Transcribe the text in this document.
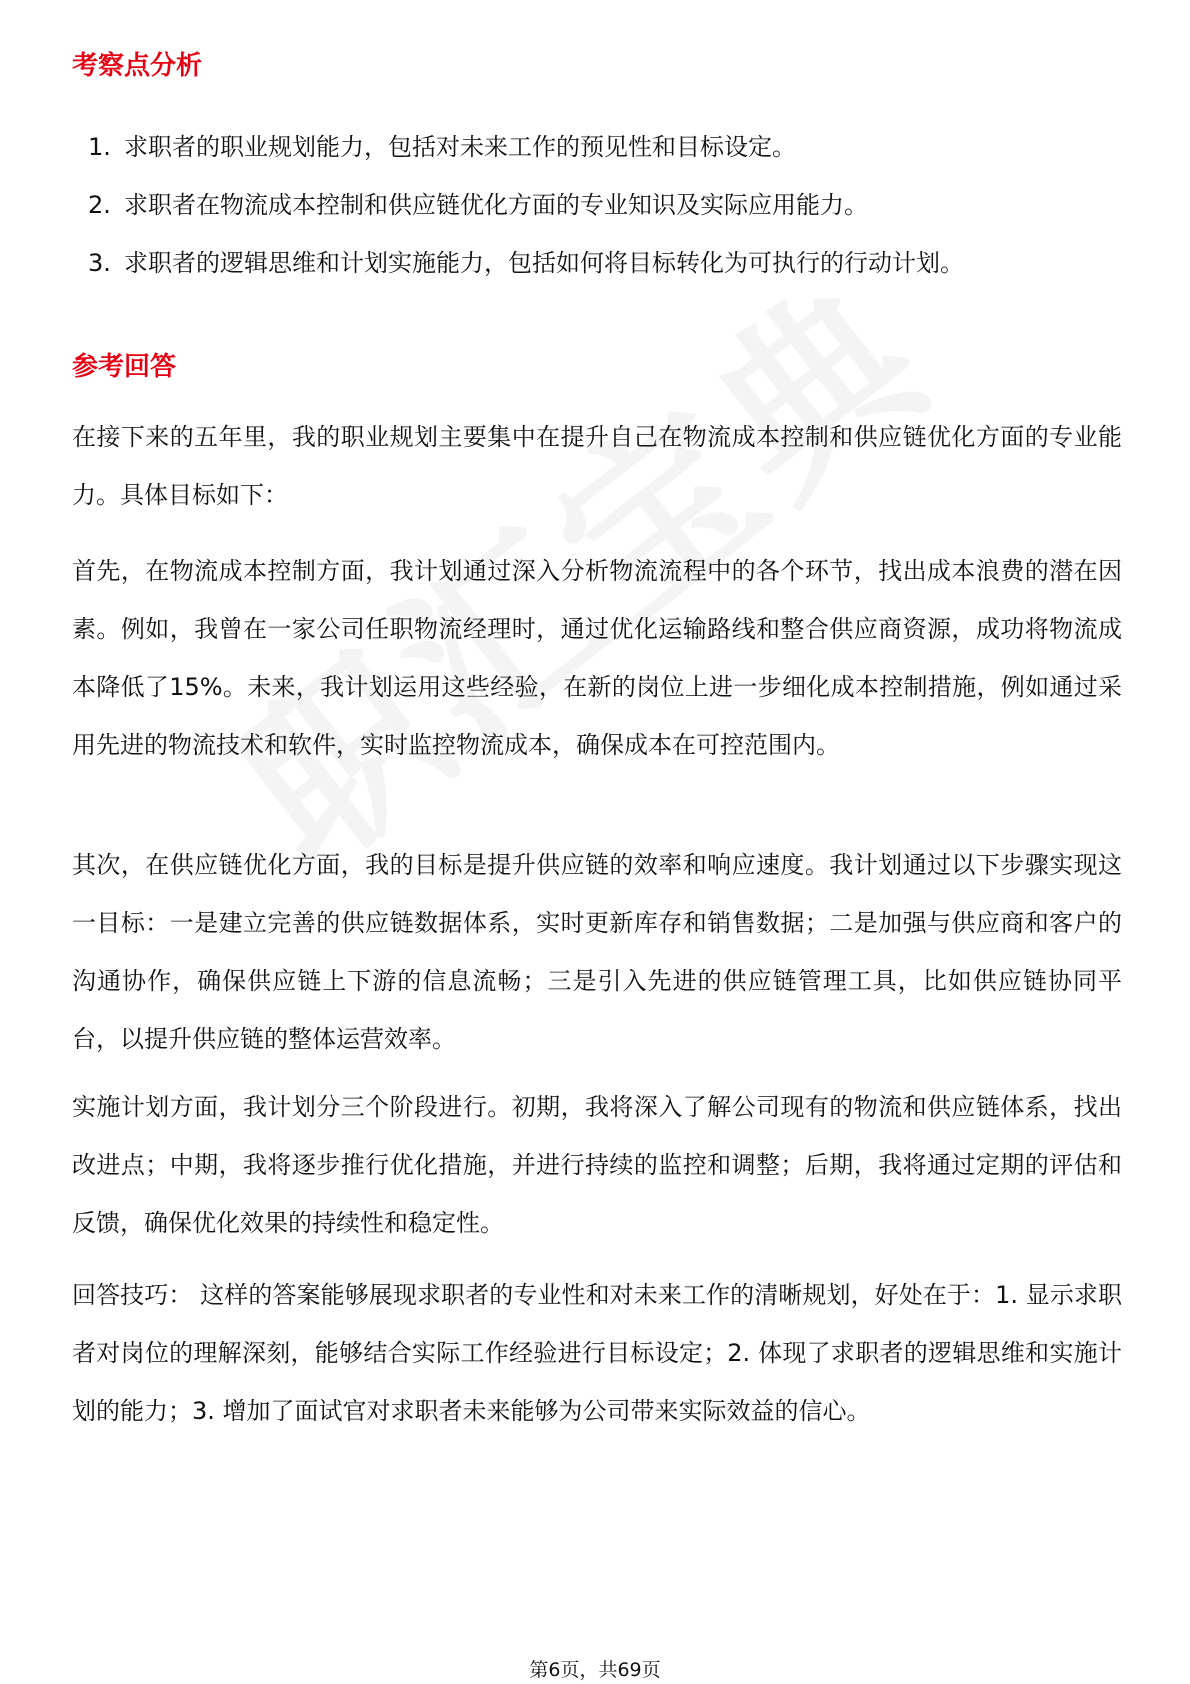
考察点分析
1. 求职者的职业规划能力，包括对未来工作的预见性和目标设定。
2. 求职者在物流成本控制和供应链优化方面的专业知识及实际应用能力。
3. 求职者的逻辑思维和计划实施能力，包括如何将目标转化为可执行的行动计划。
参考回答

在接下来的五年里，我的职业规划主要集中在提升自己在物流成本控制和供应链优化方面的专业能力。具体目标如下：

首先，在物流成本控制方面，我计划通过深入分析物流流程中的各个环节，找出成本浪费的潜在因素。例如，我曾在一家公司任职物流经理时，通过优化运输路线和整合供应商资源，成功将物流成本降低了15%。未来，我计划运用这些经验，在新的岗位上进一步细化成本控制措施，例如通过采用先进的物流技术和软件，实时监控物流成本，确保成本在可控范围内。

其次，在供应链优化方面，我的目标是提升供应链的效率和响应速度。我计划通过以下步骤实现这一目标：一是建立完善的供应链数据体系，实时更新库存和销售数据；二是加强与供应商和客户的沟通协作，确保供应链上下游的信息流畅；三是引入先进的供应链管理工具，比如供应链协同平台，以提升供应链的整体运营效率。

实施计划方面，我计划分三个阶段进行。初期，我将深入了解公司现有的物流和供应链体系，找出改进点；中期，我将逐步推行优化措施，并进行持续的监控和调整；后期，我将通过定期的评估和反馈，确保优化效果的持续性和稳定性。

回答技巧： 这样的答案能够展现求职者的专业性和对未来工作的清晰规划，好处在于：1. 显示求职者对岗位的理解深刻，能够结合实际工作经验进行目标设定；2. 体现了求职者的逻辑思维和实施计划的能力；3. 增加了面试官对求职者未来能够为公司带来实际效益的信心。

第6页，共69页
